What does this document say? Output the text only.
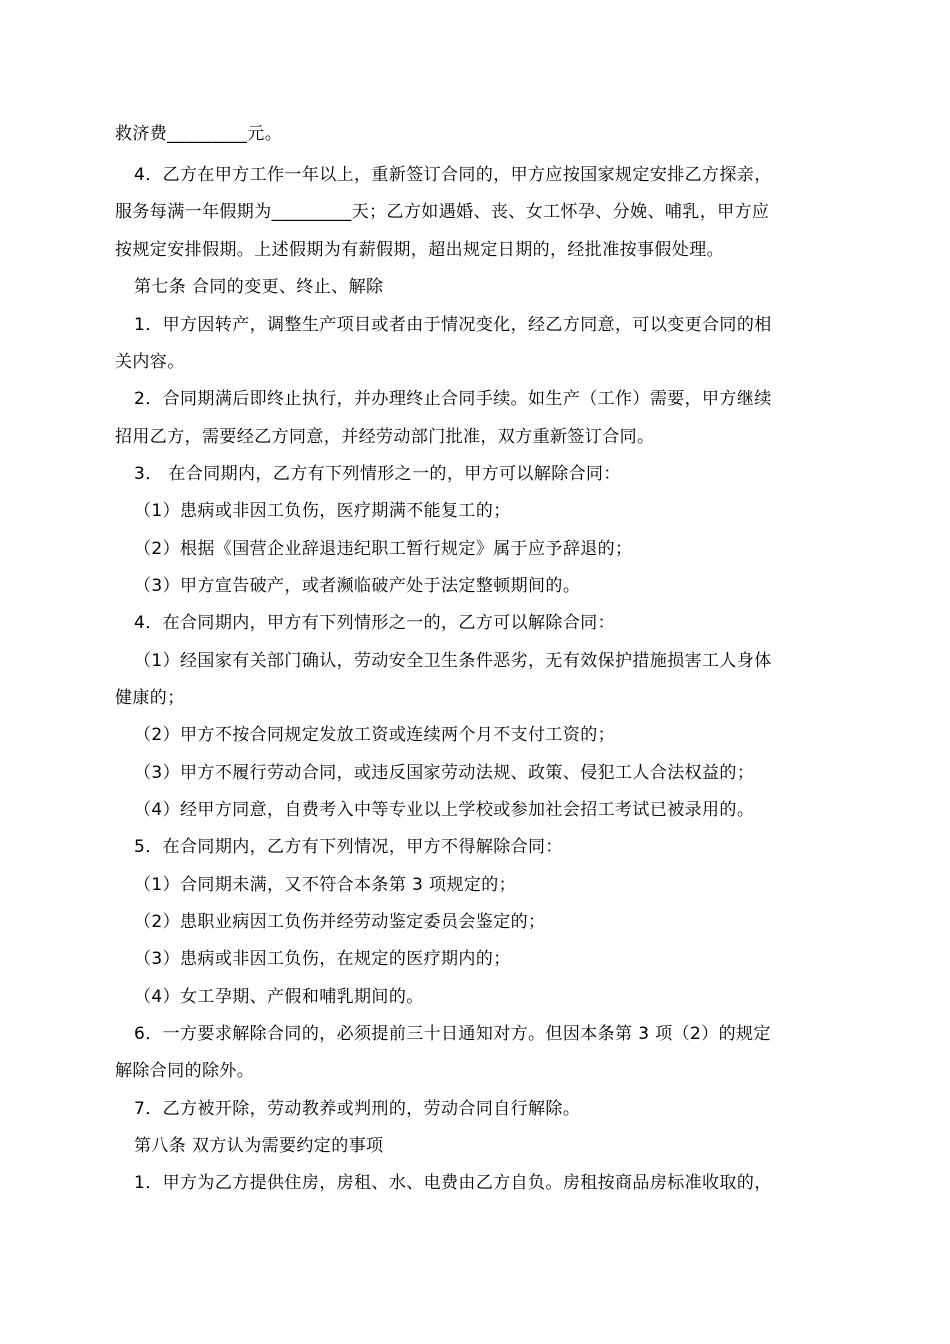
救济费_________元。
4．乙方在甲方工作一年以上，重新签订合同的，甲方应按国家规定安排乙方探亲，
服务每满一年假期为_________天；乙方如遇婚、丧、女工怀孕、分娩、哺乳，甲方应
按规定安排假期。上述假期为有薪假期，超出规定日期的，经批准按事假处理。
第七条 合同的变更、终止、解除
1．甲方因转产，调整生产项目或者由于情况变化，经乙方同意，可以变更合同的相
关内容。
2．合同期满后即终止执行，并办理终止合同手续。如生产（工作）需要，甲方继续
招用乙方，需要经乙方同意，并经劳动部门批准，双方重新签订合同。
3． 在合同期内，乙方有下列情形之一的，甲方可以解除合同：
（1）患病或非因工负伤，医疗期满不能复工的；
（2）根据《国营企业辞退违纪职工暂行规定》属于应予辞退的；
（3）甲方宣告破产，或者濒临破产处于法定整顿期间的。
4．在合同期内，甲方有下列情形之一的，乙方可以解除合同：
（1）经国家有关部门确认，劳动安全卫生条件恶劣，无有效保护措施损害工人身体
健康的；
（2）甲方不按合同规定发放工资或连续两个月不支付工资的；
（3）甲方不履行劳动合同，或违反国家劳动法规、政策、侵犯工人合法权益的；
（4）经甲方同意，自费考入中等专业以上学校或参加社会招工考试已被录用的。
5．在合同期内，乙方有下列情况，甲方不得解除合同：
（1）合同期未满，又不符合本条第 3 项规定的；
（2）患职业病因工负伤并经劳动鉴定委员会鉴定的；
（3）患病或非因工负伤，在规定的医疗期内的；
（4）女工孕期、产假和哺乳期间的。
6．一方要求解除合同的，必须提前三十日通知对方。但因本条第 3 项（2）的规定
解除合同的除外。
7．乙方被开除，劳动教养或判刑的，劳动合同自行解除。
第八条 双方认为需要约定的事项
1．甲方为乙方提供住房，房租、水、电费由乙方自负。房租按商品房标准收取的，
